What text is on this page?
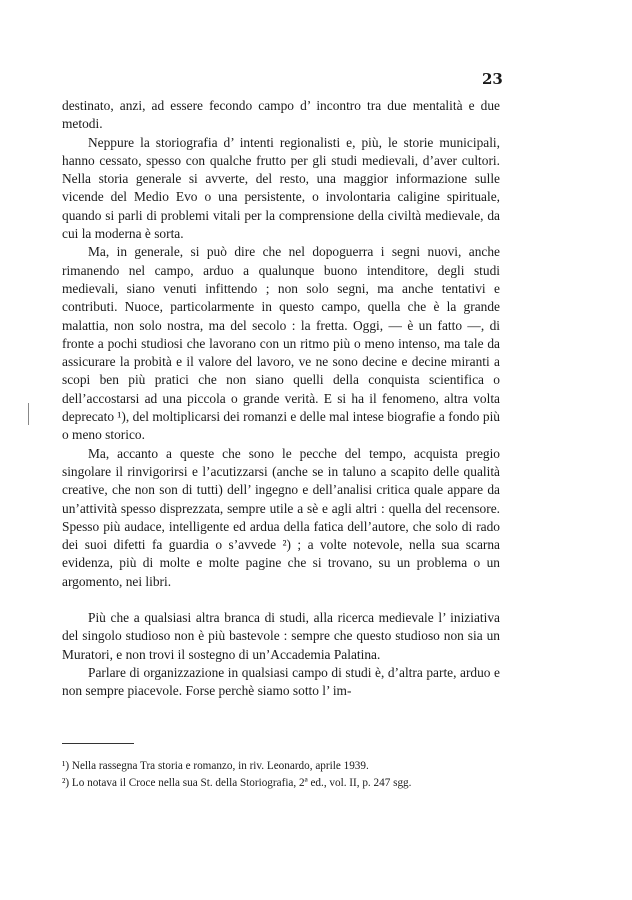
23

destinato, anzi, ad essere fecondo campo d’ incontro tra due mentalità e due metodi.

Neppure la storiografia d’ intenti regionalisti e, più, le storie municipali, hanno cessato, spesso con qualche frutto per gli studi medievali, d’aver cultori. Nella storia generale si avverte, del resto, una maggior informazione sulle vicende del Medio Evo o una persistente, o involontaria caligine spirituale, quando si parli di problemi vitali per la comprensione della civiltà medievale, da cui la moderna è sorta.

Ma, in generale, si può dire che nel dopoguerra i segni nuovi, anche rimanendo nel campo, arduo a qualunque buono intenditore, degli studi medievali, siano venuti infittendo ; non solo segni, ma anche tentativi e contributi. Nuoce, particolarmente in questo campo, quella che è la grande malattia, non solo nostra, ma del secolo : la fretta. Oggi, — è un fatto —, di fronte a pochi studiosi che lavorano con un ritmo più o meno intenso, ma tale da assicurare la probità e il valore del lavoro, ve ne sono decine e decine miranti a scopi ben più pratici che non siano quelli della conquista scientifica o dell’accostarsi ad una piccola o grande verità. E si ha il fenomeno, altra volta deprecato ¹), del moltiplicarsi dei romanzi e delle mal intese biografie a fondo più o meno storico.

Ma, accanto a queste che sono le pecche del tempo, acquista pregio singolare il rinvigorirsi e l’acutizzarsi (anche se in taluno a scapito delle qualità creative, che non son di tutti) dell’ ingegno e dell’analisi critica quale appare da un’attività spesso disprezzata, sempre utile a sè e agli altri : quella del recensore. Spesso più audace, intelligente ed ardua della fatica dell’autore, che solo di rado dei suoi difetti fa guardia o s’avvede ²) ; a volte notevole, nella sua scarna evidenza, più di molte e molte pagine che si trovano, su un problema o un argomento, nei libri.

Più che a qualsiasi altra branca di studi, alla ricerca medievale l’ iniziativa del singolo studioso non è più bastevole : sempre che questo studioso non sia un Muratori, e non trovi il sostegno di un’Accademia Palatina.

Parlare di organizzazione in qualsiasi campo di studi è, d’altra parte, arduo e non sempre piacevole. Forse perchè siamo sotto l’ im-

¹) Nella rassegna Tra storia e romanzo, in riv. Leonardo, aprile 1939.

²) Lo notava il Croce nella sua St. della Storiografia, 2ª ed., vol. II, p. 247 sgg.
